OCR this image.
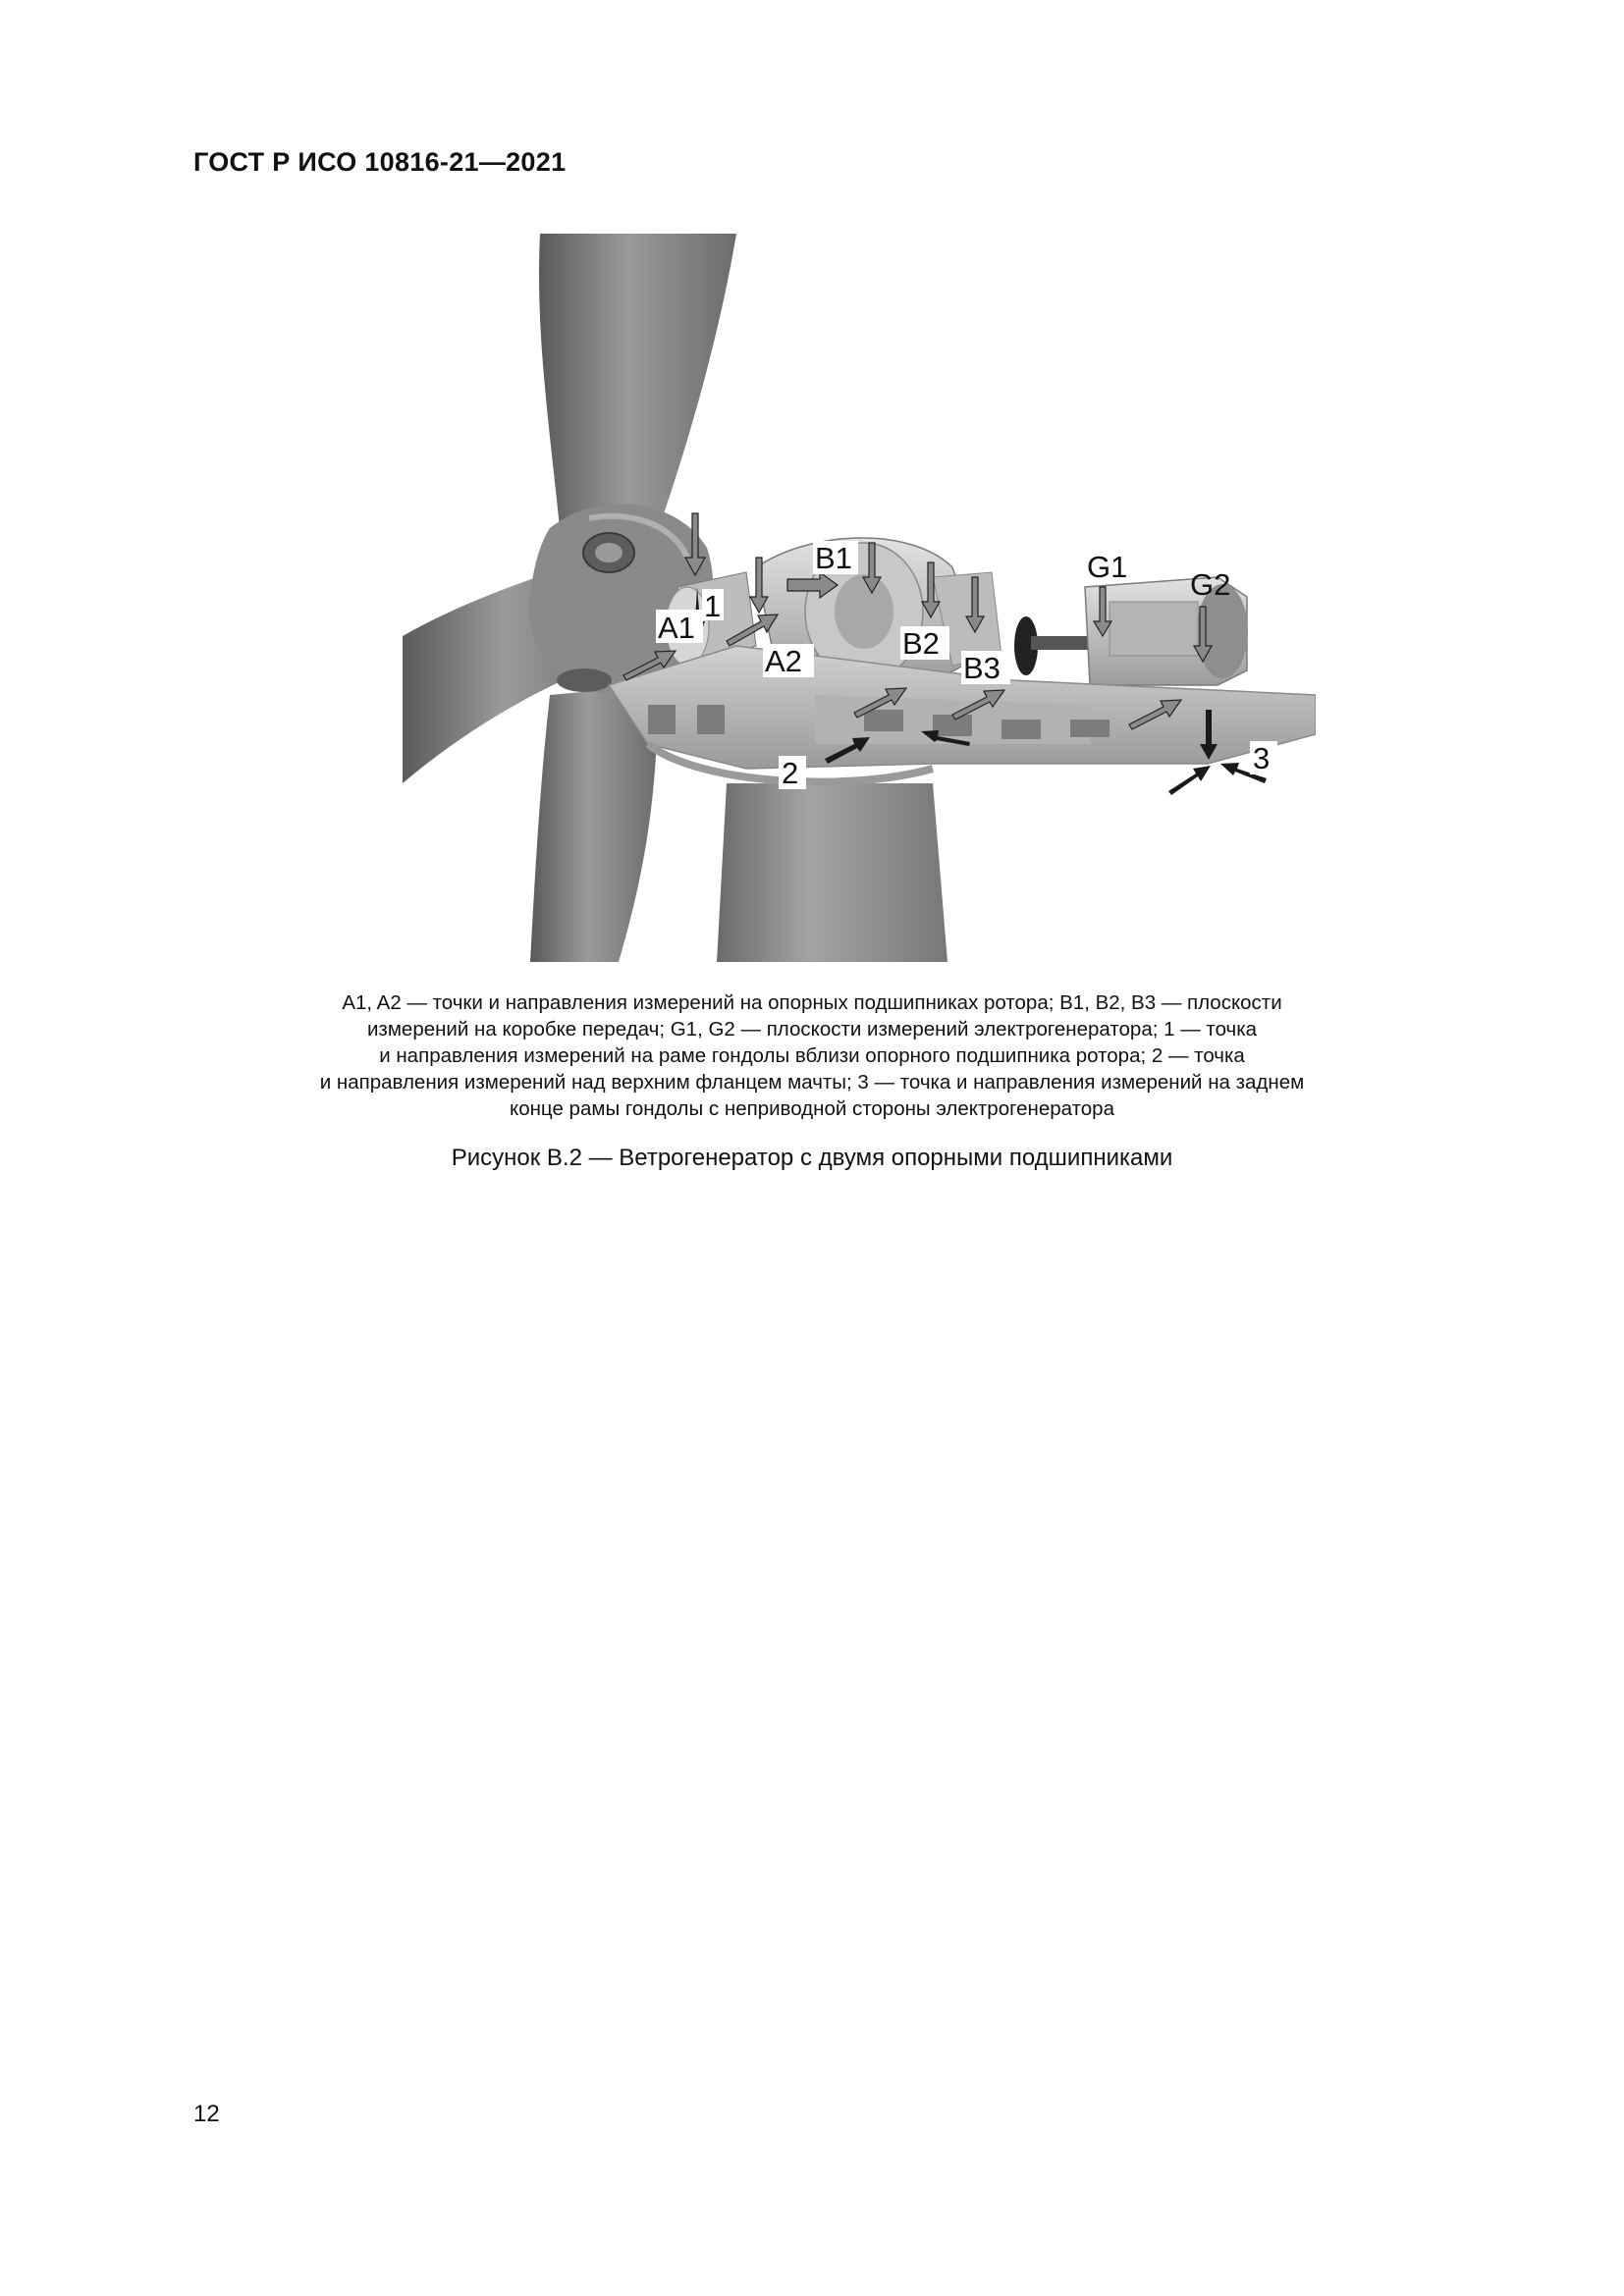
ГОСТ Р ИСО 10816-21—2021
A1
1
A2
B1
B2
B3
G1
G2
2	3
A1, A2 — точки и направления измерений на опорных подшипниках ротора; B1, B2, B3 — плоскости
измерений на коробке передач; G1, G2 — плоскости измерений электрогенератора; 1 — точка
и направления измерений на раме гондолы вблизи опорного подшипника ротора; 2 — точка
и направления измерений над верхним фланцем мачты; 3 — точка и направления измерений на заднем
конце рамы гондолы с неприводной стороны электрогенератора
Рисунок В.2 — Ветрогенератор с двумя опорными подшипниками
12
